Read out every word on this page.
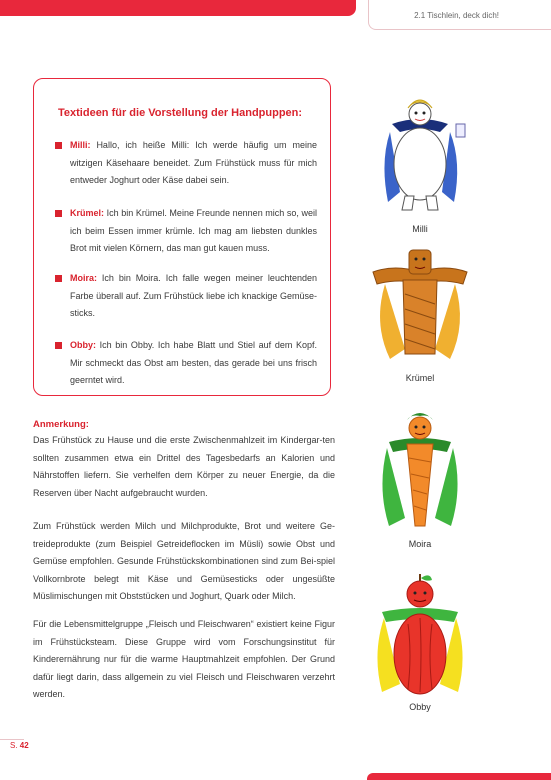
2.1 Tischlein, deck dich!
Textideen für die Vorstellung der Handpuppen:
Milli: Hallo, ich heiße Milli: Ich werde häufig um meine witzigen Käsehaare beneidet. Zum Frühstück muss für mich entweder Joghurt oder Käse dabei sein.
Krümel: Ich bin Krümel. Meine Freunde nennen mich so, weil ich beim Essen immer krümle. Ich mag am liebsten dunkles Brot mit vielen Körnern, das man gut kauen muss.
Moira: Ich bin Moira. Ich falle wegen meiner leuchtenden Farbe überall auf. Zum Frühstück liebe ich knackige Gemüse-sticks.
Obby: Ich bin Obby. Ich habe Blatt und Stiel auf dem Kopf. Mir schmeckt das Obst am besten, das gerade bei uns frisch geerntet wird.
Anmerkung:
Das Frühstück zu Hause und die erste Zwischenmahlzeit im Kindergar-ten sollten zusammen etwa ein Drittel des Tagesbedarfs an Kalorien und Nährstoffen liefern. Sie verhelfen dem Körper zu neuer Energie, da die Reserven über Nacht aufgebraucht wurden.
Zum Frühstück werden Milch und Milchprodukte, Brot und weitere Ge-treideprodukte (zum Beispiel Getreideflocken im Müsli) sowie Obst und Gemüse empfohlen. Gesunde Frühstückskombinationen sind zum Bei-spiel Vollkornbrote belegt mit Käse und Gemüsesticks oder ungesüßte Müslimischungen mit Obststücken und Joghurt, Quark oder Milch.
Für die Lebensmittelgruppe „Fleisch und Fleischwaren“ existiert keine Figur im Frühstücksteam. Diese Gruppe wird vom Forschungsinstitut für Kinderernährung nur für die warme Hauptmahlzeit empfohlen. Der Grund dafür liegt darin, dass allgemein zu viel Fleisch und Fleischwaren verzehrt werden.
Milli
Krümel
Moira
Obby
S. 42
